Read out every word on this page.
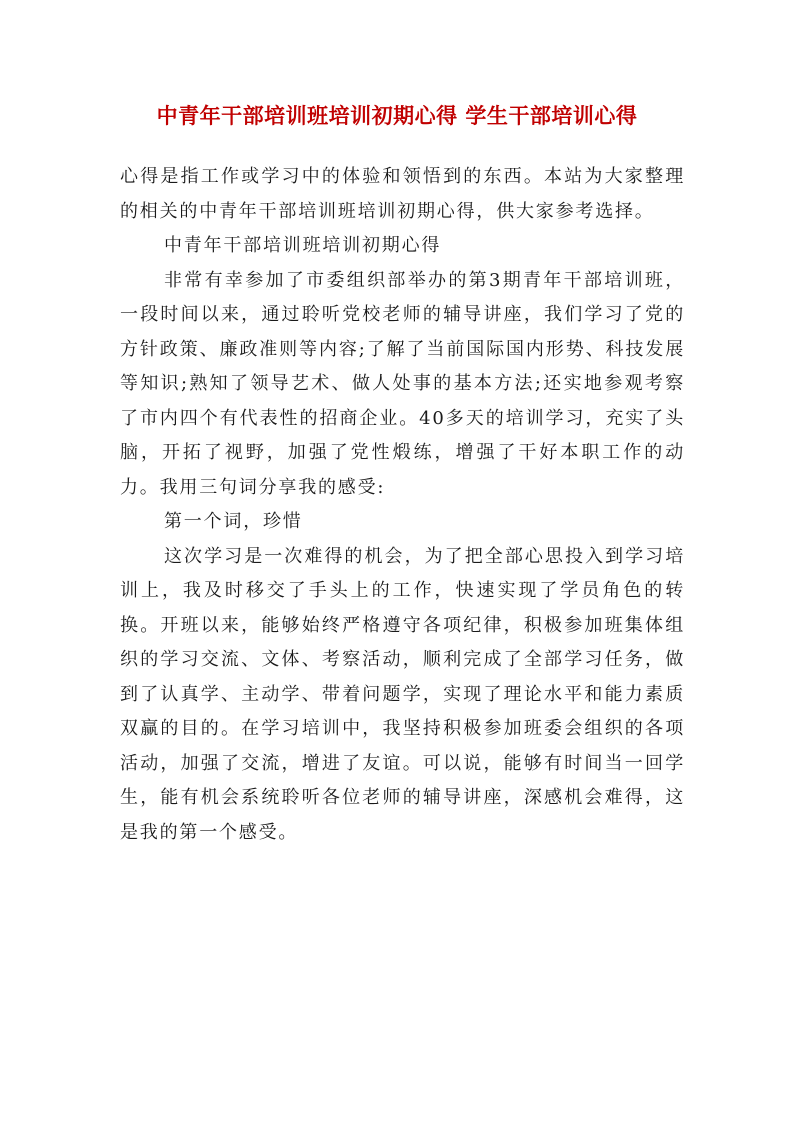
中青年干部培训班培训初期心得 学生干部培训心得

心得是指工作或学习中的体验和领悟到的东西。本站为大家整理的相关的中青年干部培训班培训初期心得，供大家参考选择。

中青年干部培训班培训初期心得

非常有幸参加了市委组织部举办的第3期青年干部培训班，一段时间以来，通过聆听党校老师的辅导讲座，我们学习了党的方针政策、廉政准则等内容;了解了当前国际国内形势、科技发展等知识;熟知了领导艺术、做人处事的基本方法;还实地参观考察了市内四个有代表性的招商企业。40多天的培训学习，充实了头脑，开拓了视野，加强了党性煅练，增强了干好本职工作的动力。我用三句词分享我的感受:

第一个词，珍惜

这次学习是一次难得的机会，为了把全部心思投入到学习培训上，我及时移交了手头上的工作，快速实现了学员角色的转换。开班以来，能够始终严格遵守各项纪律，积极参加班集体组织的学习交流、文体、考察活动，顺利完成了全部学习任务，做到了认真学、主动学、带着问题学，实现了理论水平和能力素质双赢的目的。在学习培训中，我坚持积极参加班委会组织的各项活动，加强了交流，增进了友谊。可以说，能够有时间当一回学生，能有机会系统聆听各位老师的辅导讲座，深感机会难得，这是我的第一个感受。
